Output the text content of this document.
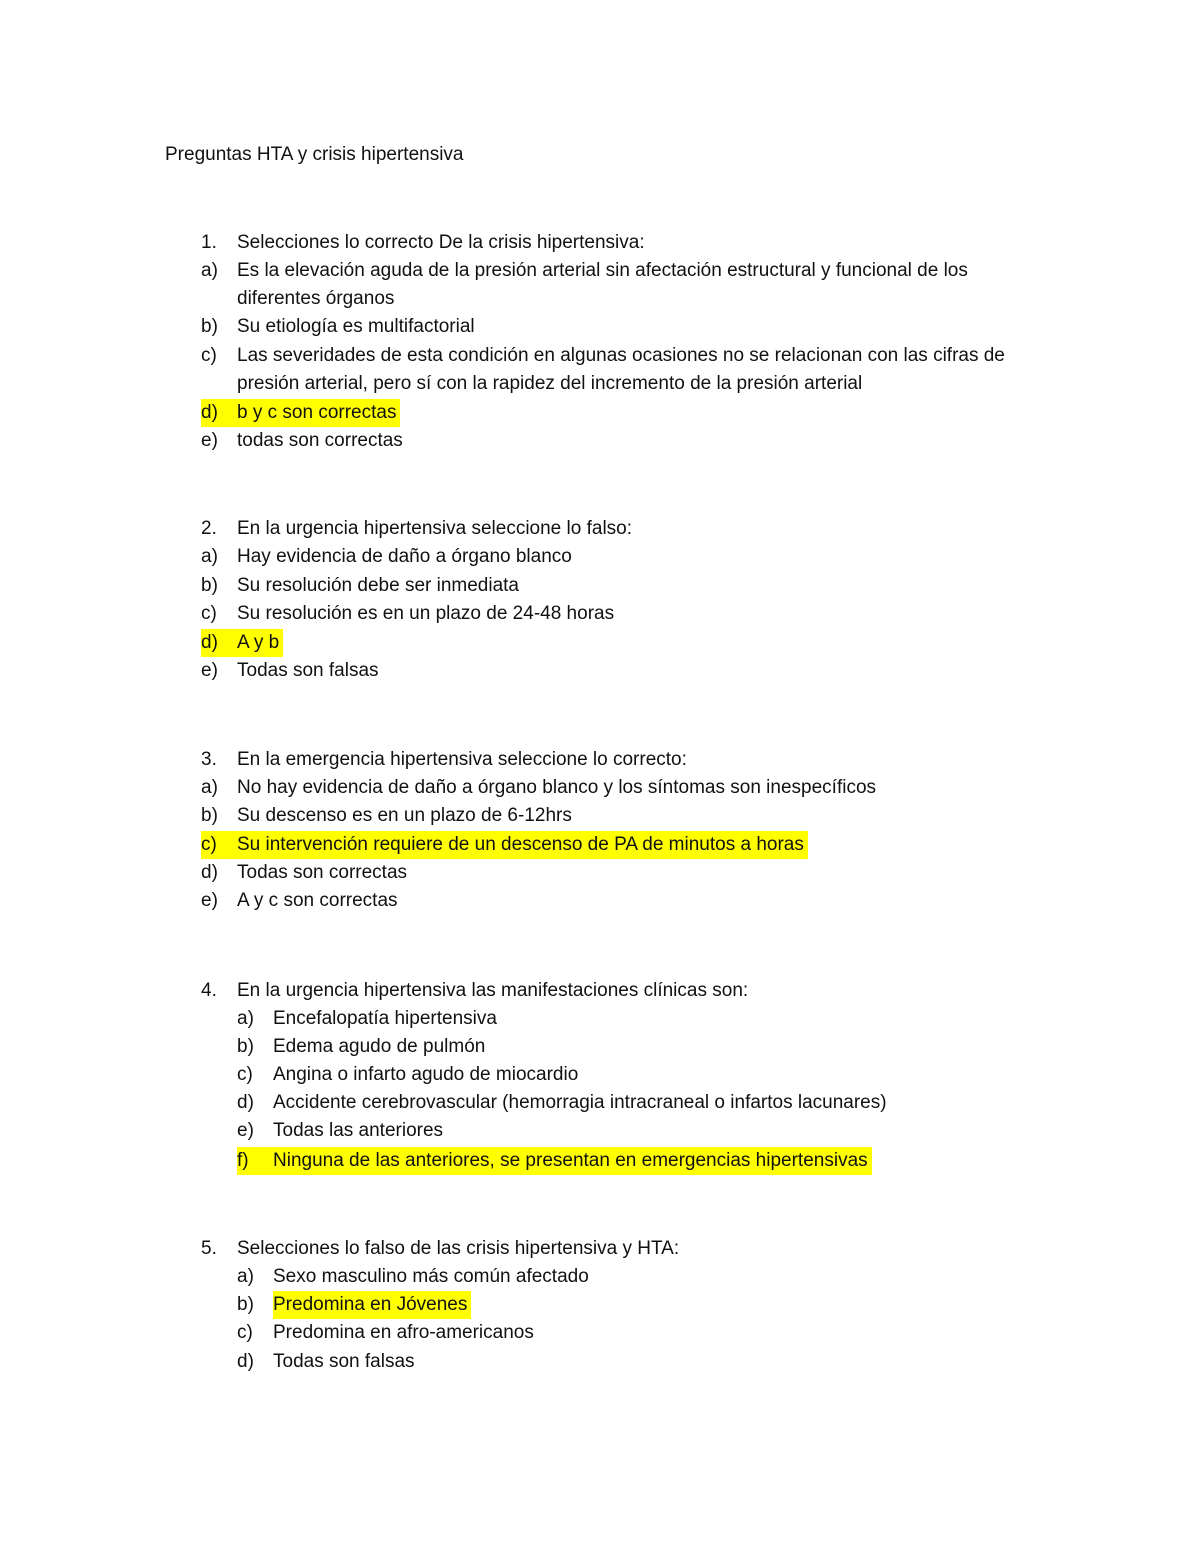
Preguntas HTA y crisis hipertensiva
1. Selecciones lo correcto De la crisis hipertensiva:
a) Es la elevación aguda de la presión arterial sin afectación estructural y funcional de los diferentes órganos
b) Su etiología es multifactorial
c) Las severidades de esta condición en algunas ocasiones no se relacionan con las cifras de presión arterial, pero sí con la rapidez del incremento de la presión arterial
d) b y c son correctas
e) todas son correctas
2. En la urgencia hipertensiva seleccione lo falso:
a) Hay evidencia de daño a órgano blanco
b) Su resolución debe ser inmediata
c) Su resolución es en un plazo de 24-48 horas
d) A y b
e) Todas son falsas
3. En la emergencia hipertensiva seleccione lo correcto:
a) No hay evidencia de daño a órgano blanco y los síntomas son inespecíficos
b) Su descenso es en un plazo de 6-12hrs
c) Su intervención requiere de un descenso de PA de minutos a horas
d) Todas son correctas
e) A y c son correctas
4. En la urgencia hipertensiva las manifestaciones clínicas son:
a) Encefalopatía hipertensiva
b) Edema agudo de pulmón
c) Angina o infarto agudo de miocardio
d) Accidente cerebrovascular (hemorragia intracraneal o infartos lacunares)
e) Todas las anteriores
f) Ninguna de las anteriores, se presentan en emergencias hipertensivas
5. Selecciones lo falso de las crisis hipertensiva y HTA:
a) Sexo masculino más común afectado
b) Predomina en Jóvenes
c) Predomina en afro-americanos
d) Todas son falsas
